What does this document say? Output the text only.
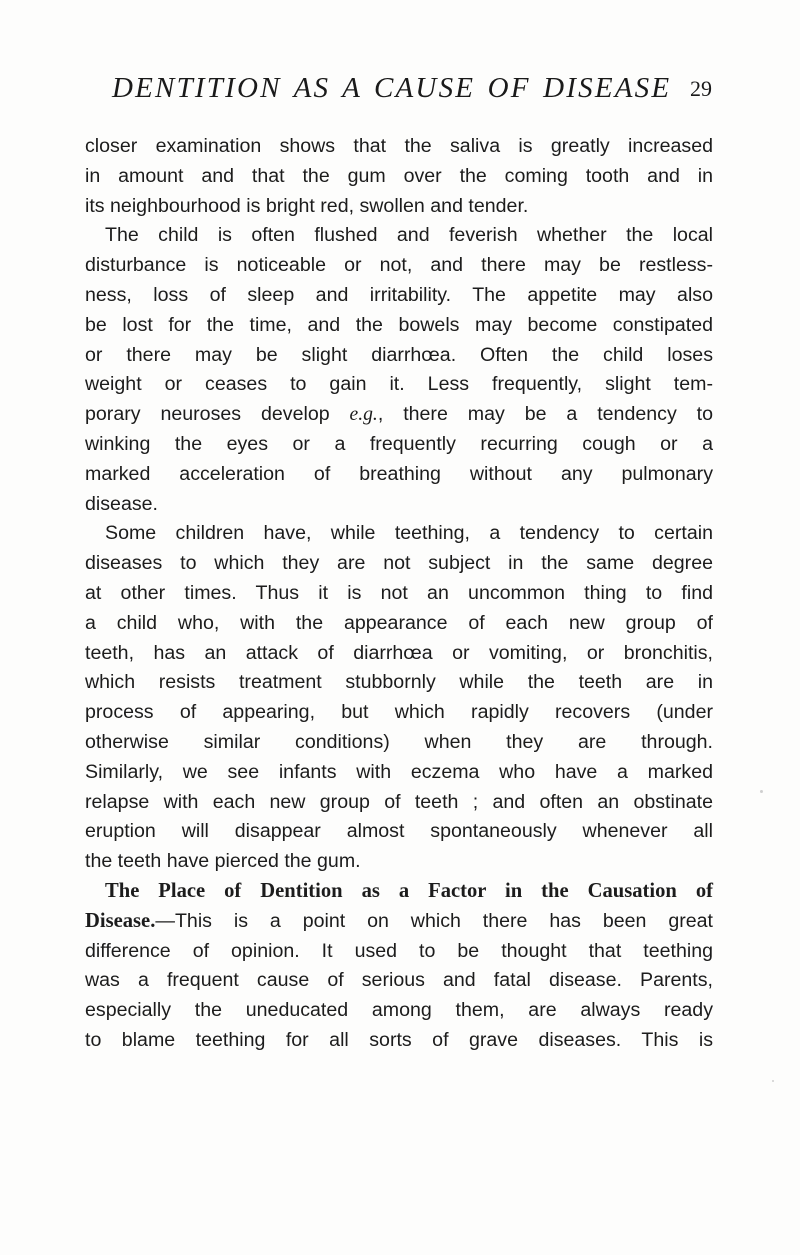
DENTITION AS A CAUSE OF DISEASE 29
closer examination shows that the saliva is greatly increased
in amount and that the gum over the coming tooth and in
its neighbourhood is bright red, swollen and tender.
The child is often flushed and feverish whether the local
disturbance is noticeable or not, and there may be restless-
ness, loss of sleep and irritability. The appetite may also
be lost for the time, and the bowels may become constipated
or there may be slight diarrhœa. Often the child loses
weight or ceases to gain it. Less frequently, slight tem-
porary neuroses develop e.g., there may be a tendency to
winking the eyes or a frequently recurring cough or a
marked acceleration of breathing without any pulmonary
disease.
Some children have, while teething, a tendency to certain
diseases to which they are not subject in the same degree
at other times. Thus it is not an uncommon thing to find
a child who, with the appearance of each new group of
teeth, has an attack of diarrhœa or vomiting, or bronchitis,
which resists treatment stubbornly while the teeth are in
process of appearing, but which rapidly recovers (under
otherwise similar conditions) when they are through.
Similarly, we see infants with eczema who have a marked
relapse with each new group of teeth ; and often an obstinate
eruption will disappear almost spontaneously whenever all
the teeth have pierced the gum.
The Place of Dentition as a Factor in the Causation of
Disease.—This is a point on which there has been great
difference of opinion. It used to be thought that teething
was a frequent cause of serious and fatal disease. Parents,
especially the uneducated among them, are always ready
to blame teething for all sorts of grave diseases. This is
